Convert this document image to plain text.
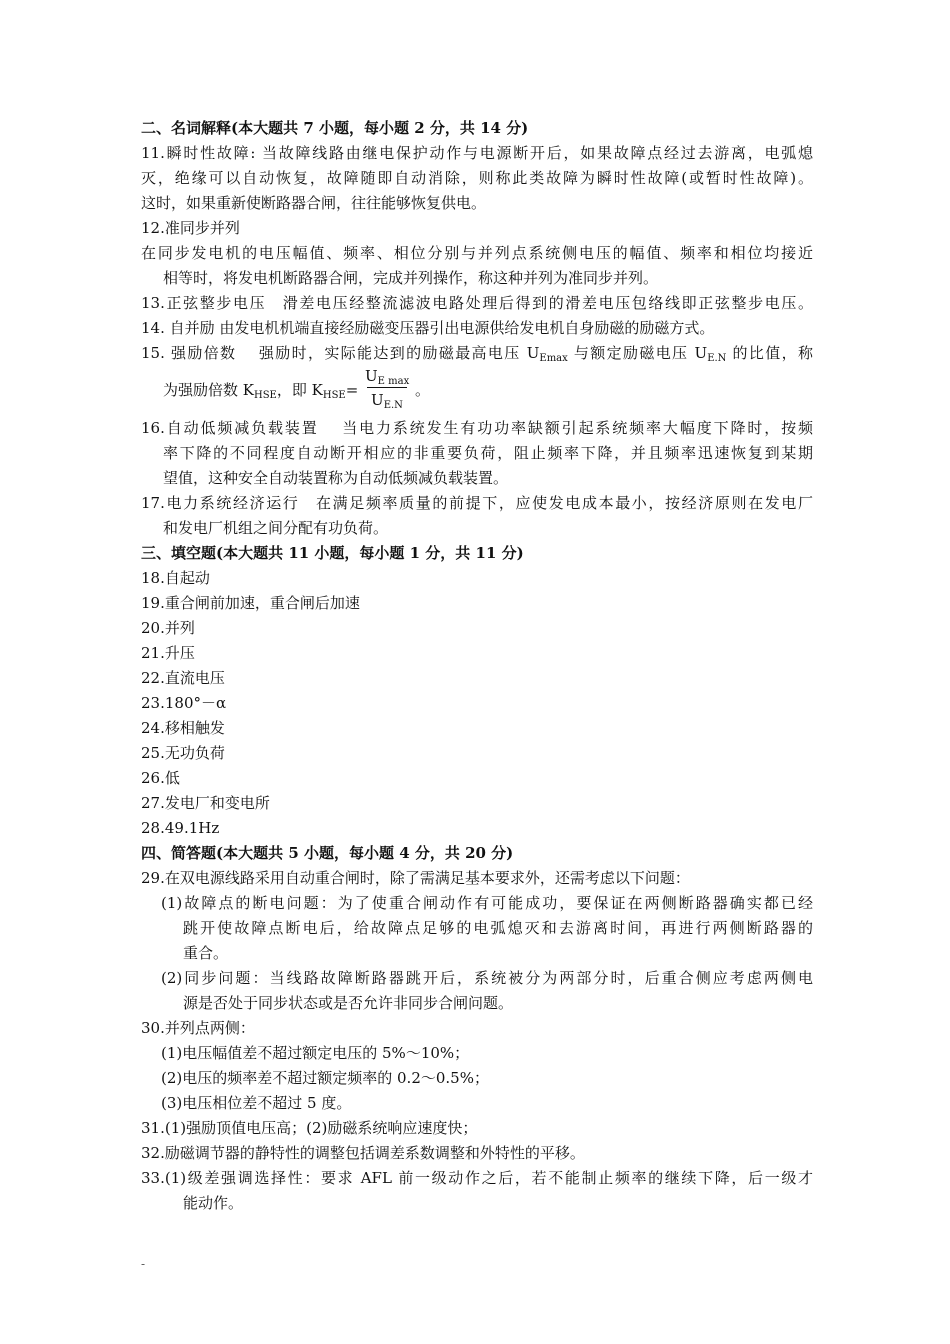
二、名词解释(本大题共 7 小题，每小题 2 分，共 14 分)
11.瞬时性故障: 当故障线路由继电保护动作与电源断开后，如果故障点经过去游离，电弧熄
灭，绝缘可以自动恢复，故障随即自动消除，则称此类故障为瞬时性故障(或暂时性故障)。
这时，如果重新使断路器合闸，往往能够恢复供电。
12.准同步并列
在同步发电机的电压幅值、频率、相位分别与并列点系统侧电压的幅值、频率和相位均接近
相等时，将发电机断路器合闸，完成并列操作，称这种并列为准同步并列。
13.正弦整步电压　滑差电压经整流滤波电路处理后得到的滑差电压包络线即正弦整步电压。
14. 自并励 由发电机机端直接经励磁变压器引出电源供给发电机自身励磁的励磁方式。
15. 强励倍数　 强励时，实际能达到的励磁最高电压 $U_{Emax}$ 与额定励磁电压 $U_{E.N}$ 的比值，称
为强励倍数 $K_{HSE}$，即 $K_{HSE}=$
$U_{E max}$
$U_{E.N}$
。
16.自动低频减负载装置　 当电力系统发生有功功率缺额引起系统频率大幅度下降时，按频
率下降的不同程度自动断开相应的非重要负荷，阻止频率下降，并且频率迅速恢复到某期
望值，这种安全自动装置称为自动低频减负载装置。
17.电力系统经济运行　在满足频率质量的前提下，应使发电成本最小，按经济原则在发电厂
和发电厂机组之间分配有功负荷。
三、填空题(本大题共 11 小题，每小题 1 分，共 11 分)
18.自起动
19.重合闸前加速，重合闸后加速
20.并列
21.升压
22.直流电压
23.180°－α
24.移相触发
25.无功负荷
26.低
27.发电厂和变电所
28.49.1Hz
四、简答题(本大题共 5 小题，每小题 4 分，共 20 分)
29.在双电源线路采用自动重合闸时，除了需满足基本要求外，还需考虑以下问题：
(1)故障点的断电问题：为了使重合闸动作有可能成功，要保证在两侧断路器确实都已经
跳开使故障点断电后，给故障点足够的电弧熄灭和去游离时间，再进行两侧断路器的
重合。
(2)同步问题：当线路故障断路器跳开后，系统被分为两部分时，后重合侧应考虑两侧电
源是否处于同步状态或是否允许非同步合闸问题。
30.并列点两侧：
(1)电压幅值差不超过额定电压的 5%～10%；
(2)电压的频率差不超过额定频率的 0.2～0.5%；
(3)电压相位差不超过 5 度。
31.(1)强励顶值电压高；(2)励磁系统响应速度快；
32.励磁调节器的静特性的调整包括调差系数调整和外特性的平移。
33.(1)级差强调选择性：要求 AFL 前一级动作之后，若不能制止频率的继续下降，后一级才
能动作。
-
